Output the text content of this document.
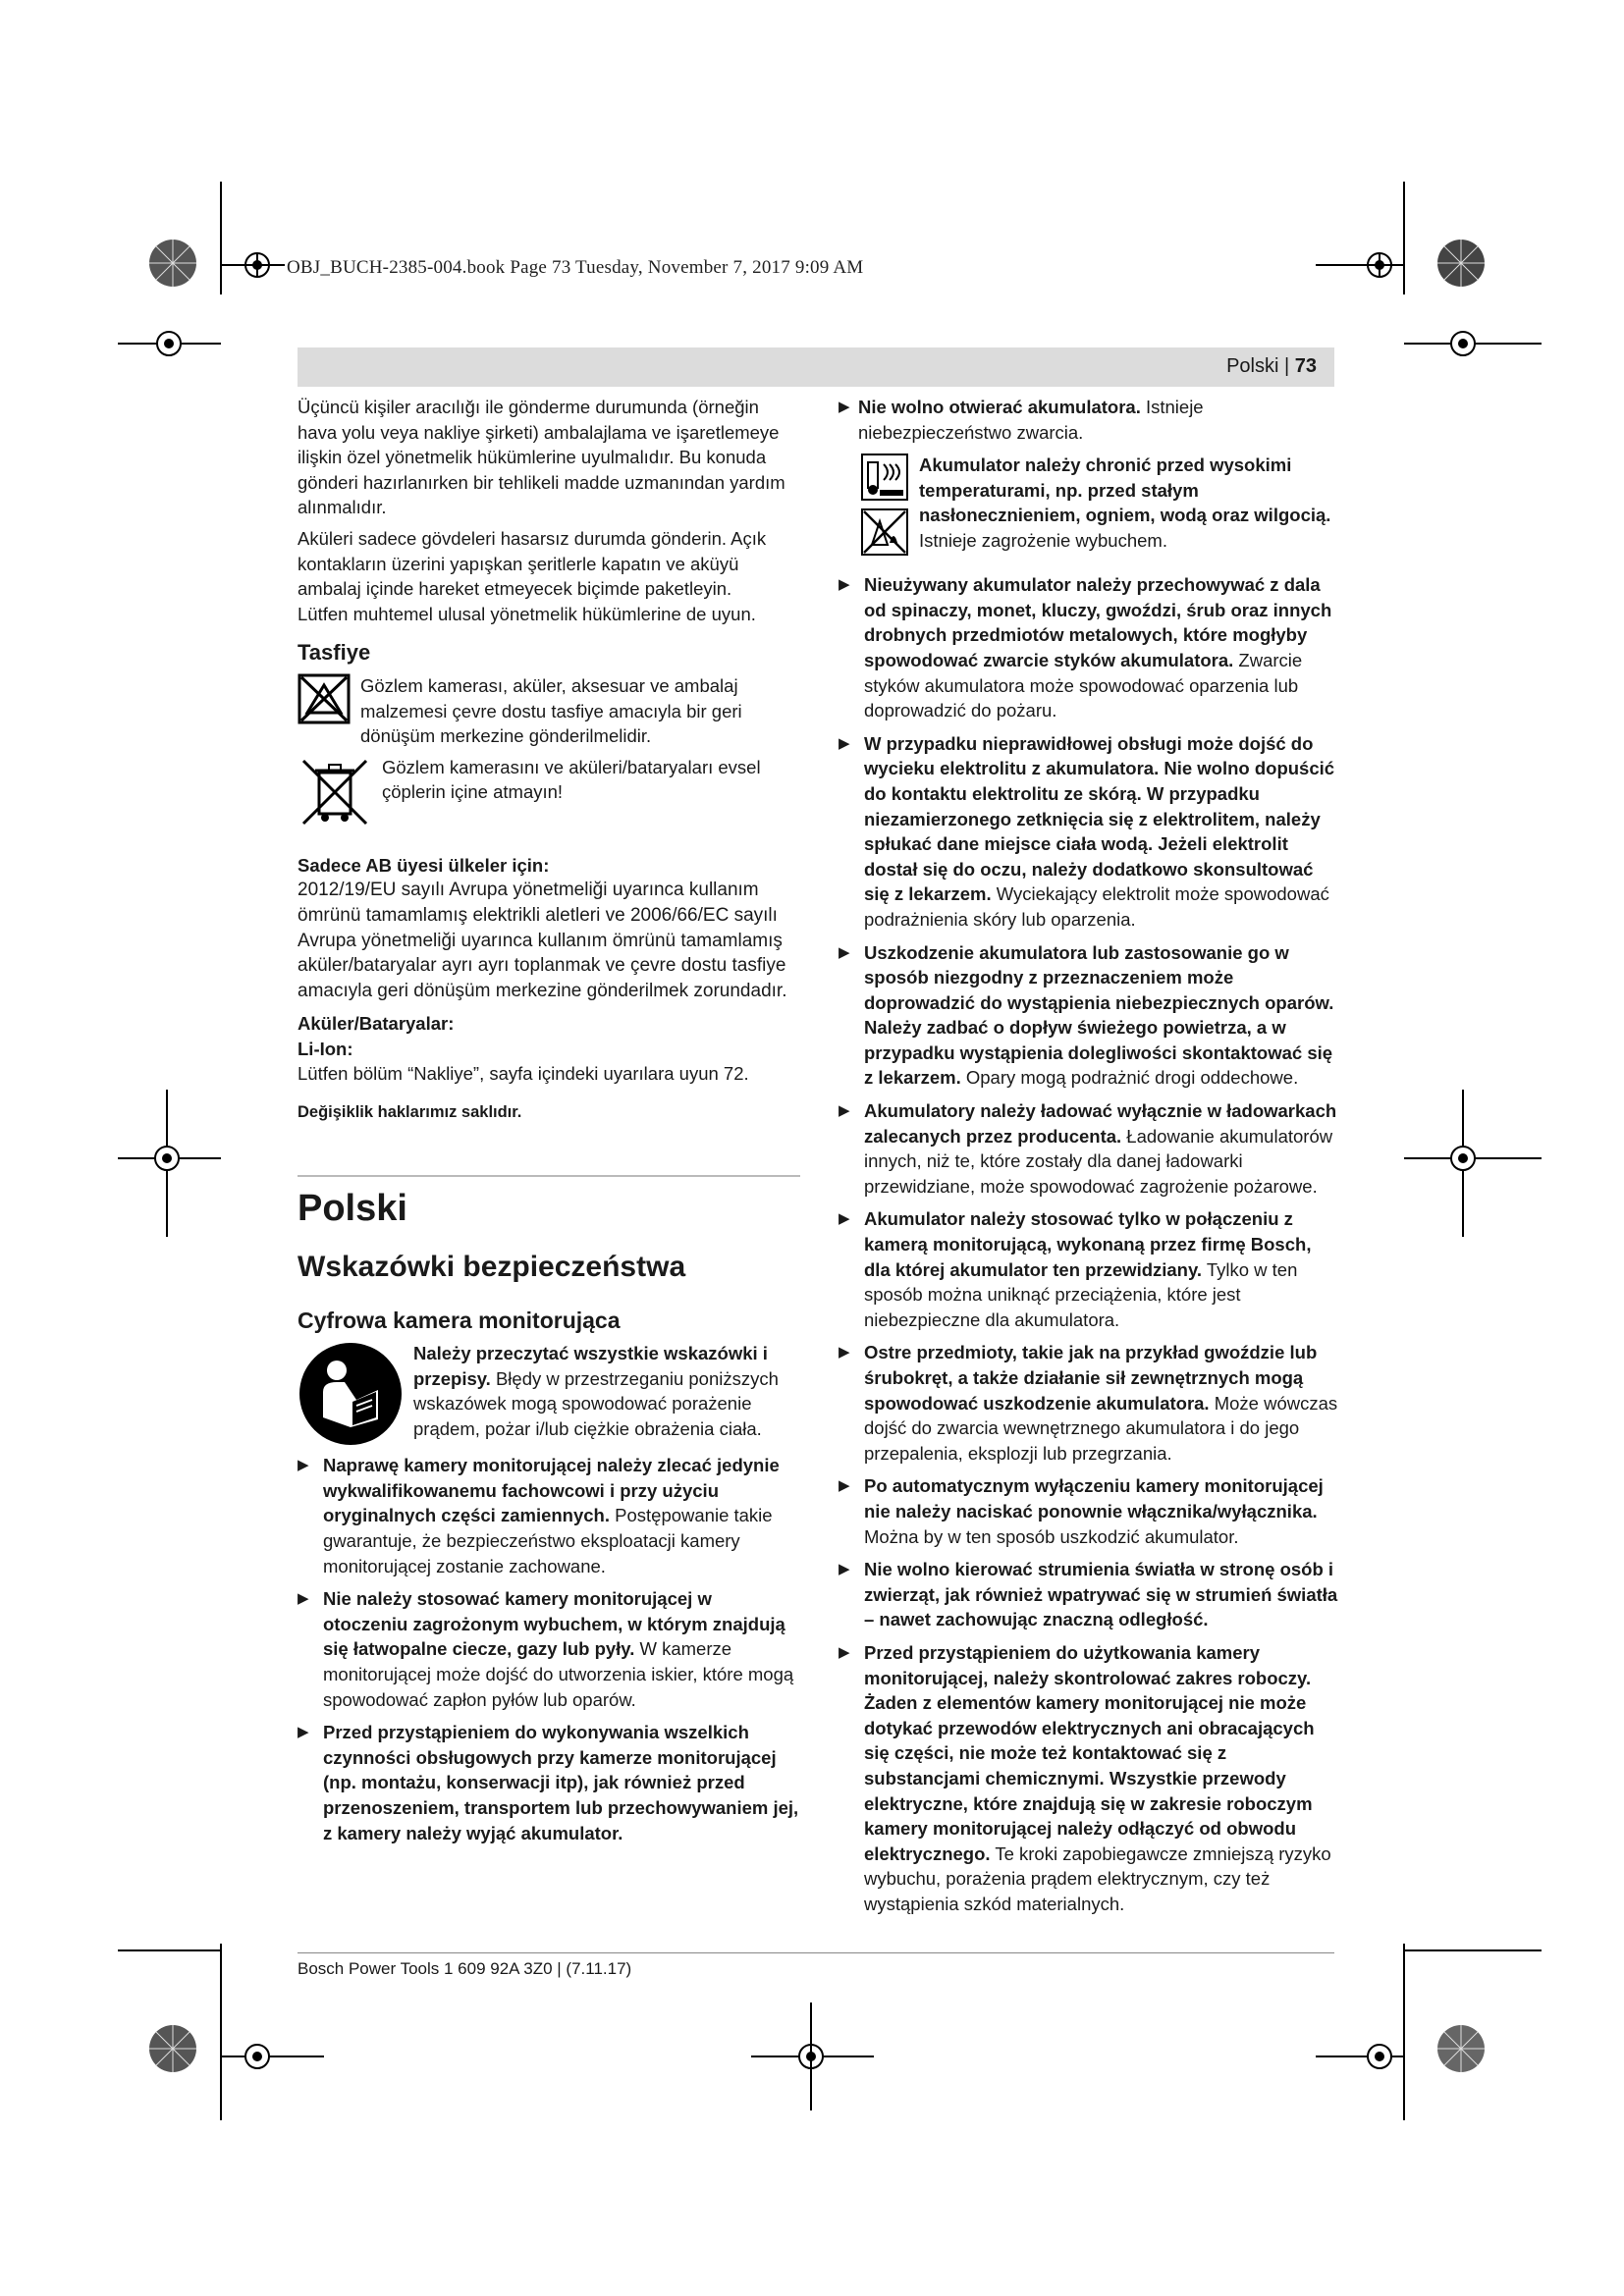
OBJ_BUCH-2385-004.book Page 73 Tuesday, November 7, 2017 9:09 AM
Polski | 73

Üçüncü kişiler aracılığı ile gönderme durumunda (örneğin hava yolu veya nakliye şirketi) ambalajlama ve işaretlemeye ilişkin özel yönetmelik hükümlerine uyulmalıdır. Bu konuda gönderi hazırlanırken bir tehlikeli madde uzmanından yardım alınmalıdır.

Aküleri sadece gövdeleri hasarsız durumda gönderin. Açık kontakların üzerini yapışkan şeritlerle kapatın ve aküyü ambalaj içinde hareket etmeyecek biçimde paketleyin.

Lütfen muhtemel ulusal yönetmelik hükümlerine de uyun.

Tasfiye
Gözlem kamerası, aküler, aksesuar ve ambalaj malzemesi çevre dostu tasfiye amacıyla bir geri dönüşüm merkezine gönderilmelidir.
Gözlem kamerasını ve aküleri/bataryaları evsel çöplerin içine atmayın!
Sadece AB üyesi ülkeler için:

2012/19/EU sayılı Avrupa yönetmeliği uyarınca kullanım ömrünü tamamlamış elektrikli aletleri ve 2006/66/EC sayılı Avrupa yönetmeliği uyarınca kullanım ömrünü tamamlamış aküler/bataryalar ayrı ayrı toplanmak ve çevre dostu tasfiye amacıyla geri dönüşüm merkezine gönderilmek zorundadır.

Aküler/Bataryalar:
Li-Ion:

Lütfen bölüm “Nakliye”, sayfa içindeki uyarılara uyun 72.

Değişiklik haklarımız saklıdır.
Polski
Wskazówki bezpieczeństwa
Cyfrowa kamera monitorująca
Należy przeczytać wszystkie wskazówki i przepisy. Błędy w przestrzeganiu poniższych wskazówek mogą spowodować porażenie prądem, pożar i/lub ciężkie obrażenia ciała.
▶ Naprawę kamery monitorującej należy zlecać jedynie wykwalifikowanemu fachowcowi i przy użyciu oryginalnych części zamiennych. Postępowanie takie gwarantuje, że bezpieczeństwo eksploatacji kamery monitorującej zostanie zachowane.
▶ Nie należy stosować kamery monitorującej w otoczeniu zagrożonym wybuchem, w którym znajdują się łatwopalne ciecze, gazy lub pyły. W kamerze monitorującej może dojść do utworzenia iskier, które mogą spowodować zapłon pyłów lub oparów.
▶ Przed przystąpieniem do wykonywania wszelkich czynności obsługowych przy kamerze monitorującej (np. montażu, konserwacji itp), jak również przed przenoszeniem, transportem lub przechowywaniem jej, z kamery należy wyjąć akumulator.
▶ Nie wolno otwierać akumulatora. Istnieje niebezpieczeństwo zwarcia.
Akumulator należy chronić przed wysokimi temperaturami, np. przed stałym nasłonecznieniem, ogniem, wodą oraz wilgocią. Istnieje zagrożenie wybuchem.
▶ Nieużywany akumulator należy przechowywać z dala od spinaczy, monet, kluczy, gwoździ, śrub oraz innych drobnych przedmiotów metalowych, które mogłyby spowodować zwarcie styków akumulatora. Zwarcie styków akumulatora może spowodować oparzenia lub doprowadzić do pożaru.
▶ W przypadku nieprawidłowej obsługi może dojść do wycieku elektrolitu z akumulatora. Nie wolno dopuścić do kontaktu elektrolitu ze skórą. W przypadku niezamierzonego zetknięcia się z elektrolitem, należy spłukać dane miejsce ciała wodą. Jeżeli elektrolit dostał się do oczu, należy dodatkowo skonsultować się z lekarzem. Wyciekający elektrolit może spowodować podrażnienia skóry lub oparzenia.
▶ Uszkodzenie akumulatora lub zastosowanie go w sposób niezgodny z przeznaczeniem może doprowadzić do wystąpienia niebezpiecznych oparów. Należy zadbać o dopływ świeżego powietrza, a w przypadku wystąpienia dolegliwości skontaktować się z lekarzem. Opary mogą podrażnić drogi oddechowe.
▶ Akumulatory należy ładować wyłącznie w ładowarkach zalecanych przez producenta. Ładowanie akumulatorów innych, niż te, które zostały dla danej ładowarki przewidziane, może spowodować zagrożenie pożarowe.
▶ Akumulator należy stosować tylko w połączeniu z kamerą monitorującą, wykonaną przez firmę Bosch, dla której akumulator ten przewidziany. Tylko w ten sposób można uniknąć przeciążenia, które jest niebezpieczne dla akumulatora.
▶ Ostre przedmioty, takie jak na przykład gwoździe lub śrubokręt, a także działanie sił zewnętrznych mogą spowodować uszkodzenie akumulatora. Może wówczas dojść do zwarcia wewnętrznego akumulatora i do jego przepalenia, eksplozji lub przegrzania.
▶ Po automatycznym wyłączeniu kamery monitorującej nie należy naciskać ponownie włącznika/wyłącznika. Można by w ten sposób uszkodzić akumulator.
▶ Nie wolno kierować strumienia światła w stronę osób i zwierząt, jak również wpatrywać się w strumień światła – nawet zachowując znaczną odległość.
▶ Przed przystąpieniem do użytkowania kamery monitorującej, należy skontrolować zakres roboczy. Żaden z elementów kamery monitorującej nie może dotykać przewodów elektrycznych ani obracających się części, nie może też kontaktować się z substancjami chemicznymi. Wszystkie przewody elektryczne, które znajdują się w zakresie roboczym kamery monitorującej należy odłączyć od obwodu elektrycznego. Te kroki zapobiegawcze zmniejszą ryzyko wybuchu, porażenia prądem elektrycznym, czy też wystąpienia szkód materialnych.
Bosch Power Tools 1 609 92A 3Z0 | (7.11.17)
